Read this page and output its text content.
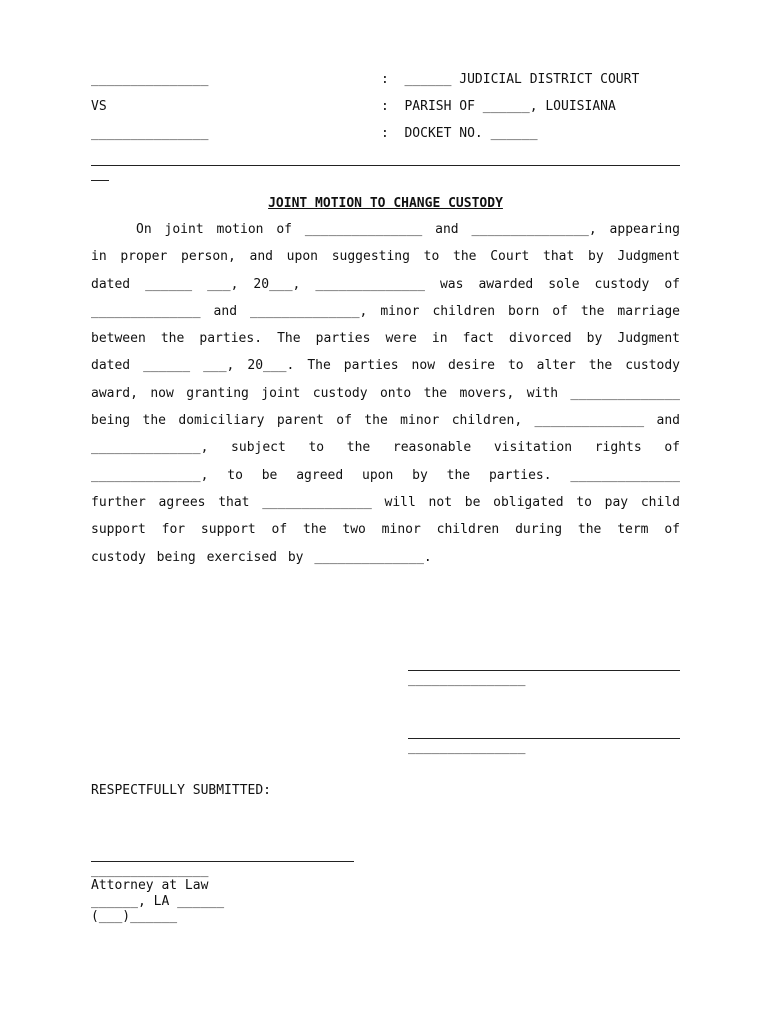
_______________	:  ______ JUDICIAL DISTRICT COURT
VS	:  PARISH OF ______, LOUISIANA
_______________	:  DOCKET NO. ______
JOINT MOTION TO CHANGE CUSTODY

On joint motion of _______________ and _______________, appearing in proper person, and upon suggesting to the Court that by Judgment dated ______ ___, 20___, ______________ was awarded sole custody of ______________ and ______________, minor children born of the marriage between the parties. The parties were in fact divorced by Judgment dated ______ ___, 20___. The parties now desire to alter the custody award, now granting joint custody onto the movers, with ______________ being the domiciliary parent of the minor children, ______________ and ______________, subject to the reasonable visitation rights of ______________, to be agreed upon by the parties. ______________ further agrees that ______________ will not be obligated to pay child support for support of the two minor children during the term of custody being exercised by ______________.

_______________
_______________
RESPECTFULLY SUBMITTED:
_______________
Attorney at Law
______, LA ______
(___)______
